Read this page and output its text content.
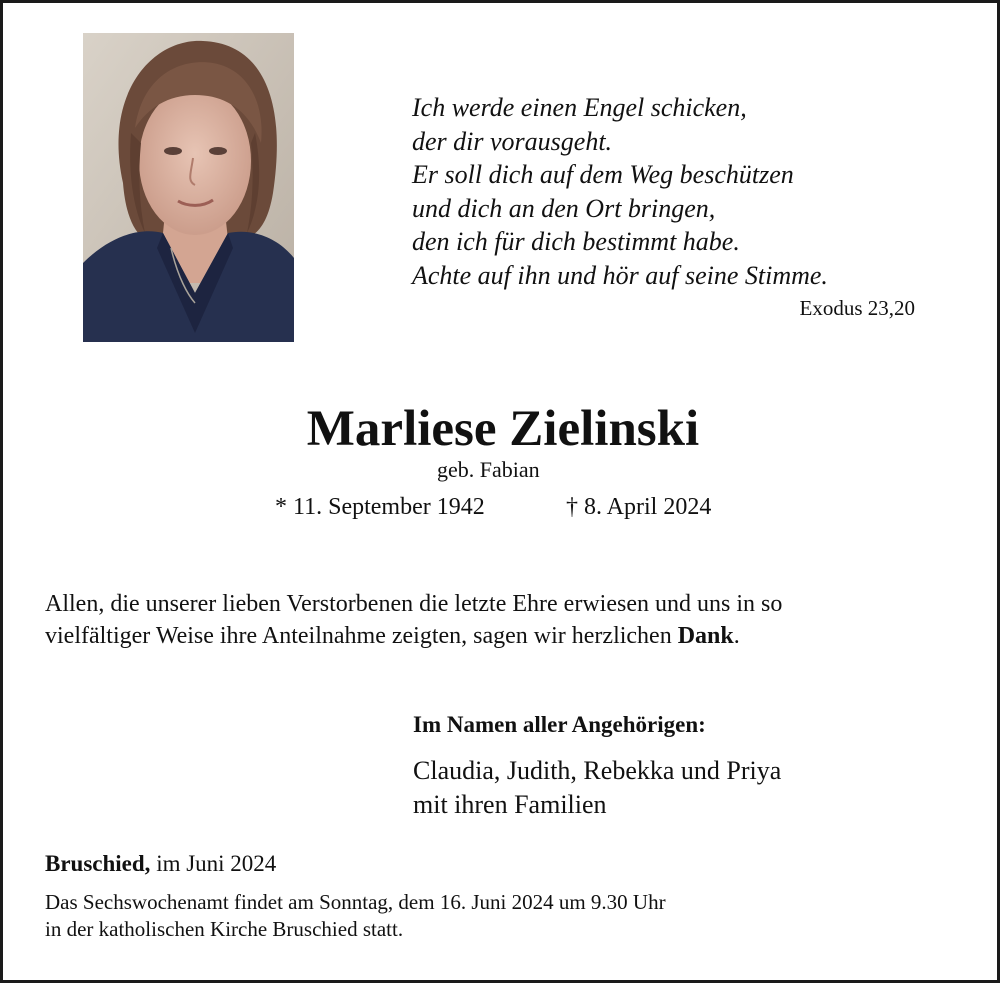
Ich werde einen Engel schicken,
der dir vorausgeht.
Er soll dich auf dem Weg beschützen
und dich an den Ort bringen,
den ich für dich bestimmt habe.
Achte auf ihn und hör auf seine Stimme.
Exodus 23,20
Marliese Zielinski
geb. Fabian
* 11. September 1942	† 8. April 2024
Allen, die unserer lieben Verstorbenen die letzte Ehre erwiesen und uns in so
vielfältiger Weise ihre Anteilnahme zeigten, sagen wir herzlichen Dank.
Im Namen aller Angehörigen:
Claudia, Judith, Rebekka und Priya
mit ihren Familien
Bruschied, im Juni 2024
Das Sechswochenamt findet am Sonntag, dem 16. Juni 2024 um 9.30 Uhr
in der katholischen Kirche Bruschied statt.
